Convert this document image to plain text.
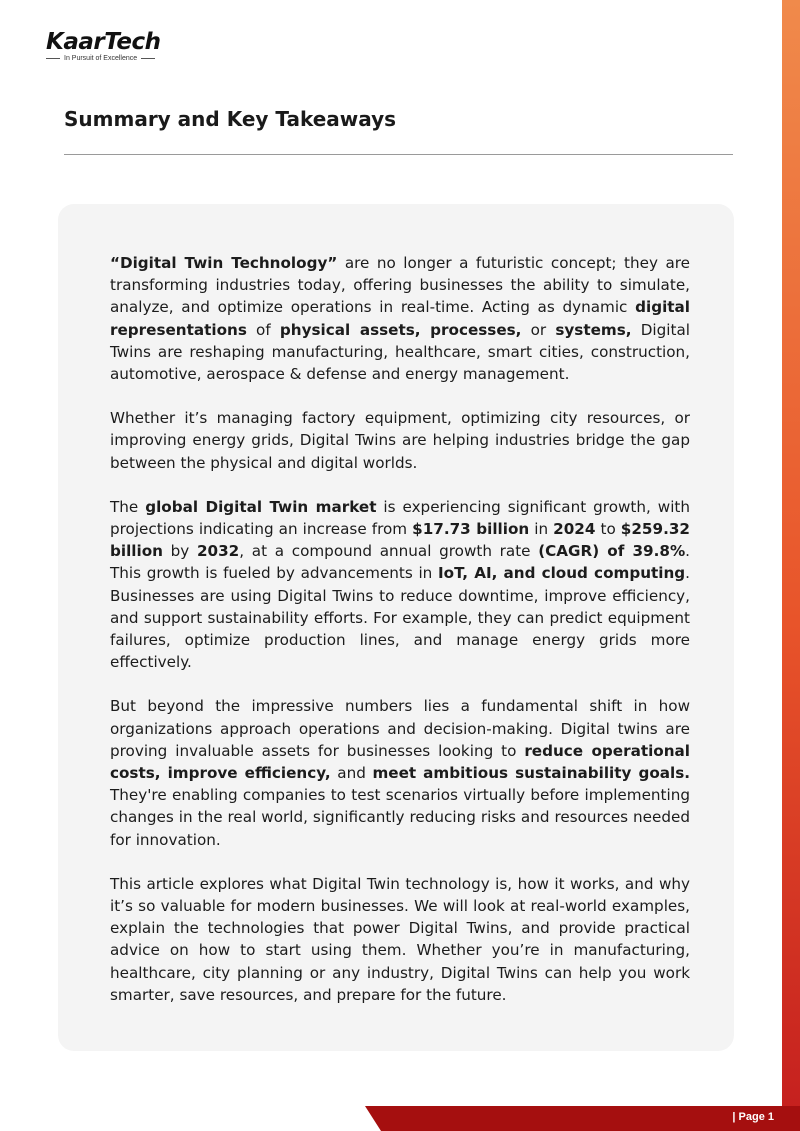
KaarTech
In Pursuit of Excellence
Summary and Key Takeaways

“Digital Twin Technology” are no longer a futuristic concept; they are transforming industries today, offering businesses the ability to simulate, analyze, and optimize operations in real-time. Acting as dynamic digital representations of physical assets, processes, or systems, Digital Twins are reshaping manufacturing, healthcare, smart cities, construction, automotive, aerospace & defense and energy management.

Whether it’s managing factory equipment, optimizing city resources, or improving energy grids, Digital Twins are helping industries bridge the gap between the physical and digital worlds.

The global Digital Twin market is experiencing significant growth, with projections indicating an increase from $17.73 billion in 2024 to $259.32 billion by 2032, at a compound annual growth rate (CAGR) of 39.8%. This growth is fueled by advancements in IoT, AI, and cloud computing. Businesses are using Digital Twins to reduce downtime, improve efficiency, and support sustainability efforts. For example, they can predict equipment failures, optimize production lines, and manage energy grids more effectively.

But beyond the impressive numbers lies a fundamental shift in how organizations approach operations and decision-making. Digital twins are proving invaluable assets for businesses looking to reduce operational costs, improve efficiency, and meet ambitious sustainability goals. They're enabling companies to test scenarios virtually before implementing changes in the real world, significantly reducing risks and resources needed for innovation.

This article explores what Digital Twin technology is, how it works, and why it’s so valuable for modern businesses. We will look at real-world examples, explain the technologies that power Digital Twins, and provide practical advice on how to start using them. Whether you’re in manufacturing, healthcare, city planning or any industry, Digital Twins can help you work smarter, save resources, and prepare for the future.

| Page 1
